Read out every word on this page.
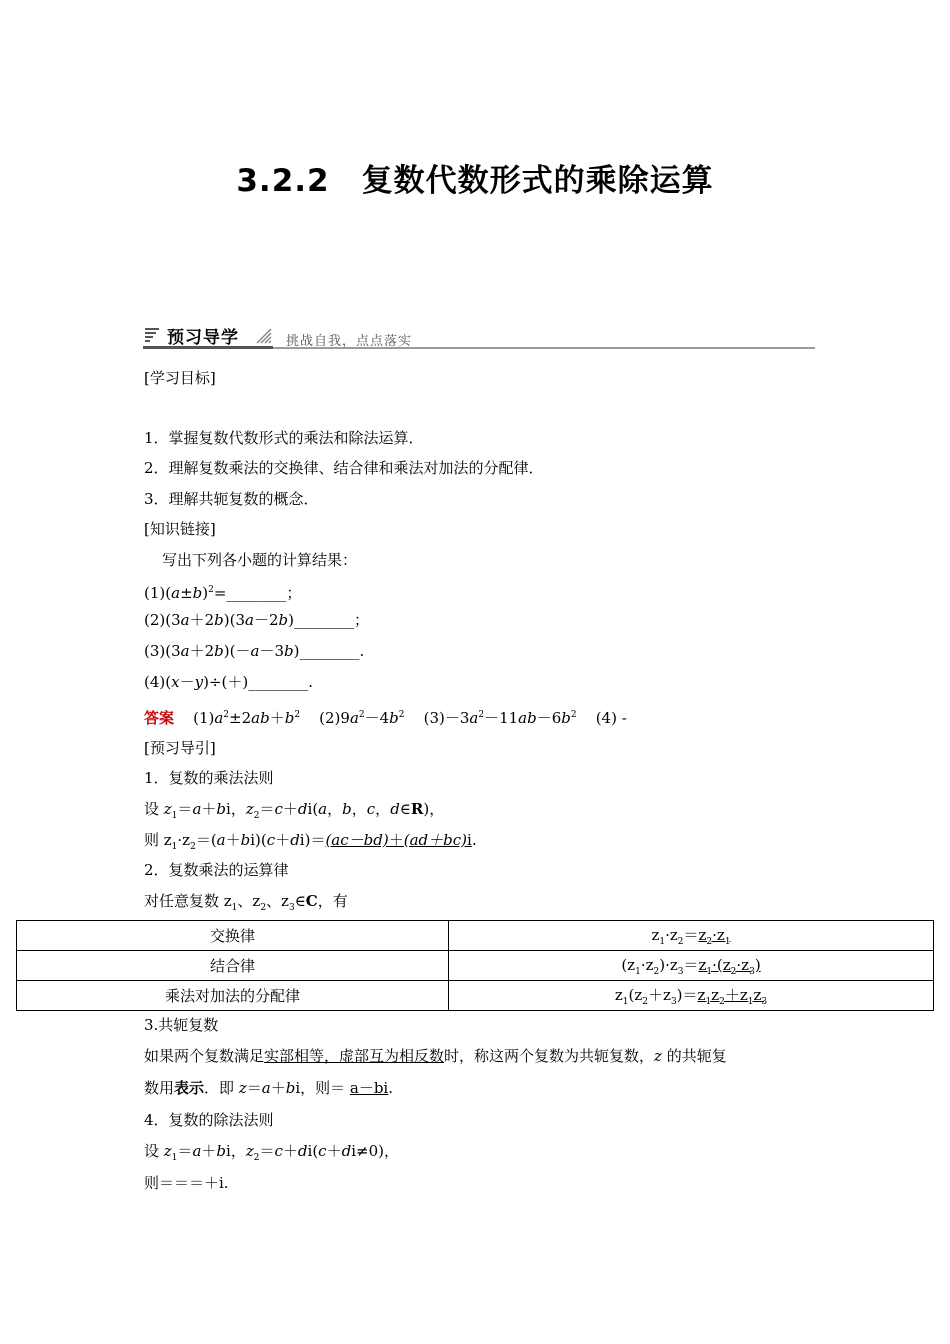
3.2.2　复数代数形式的乘除运算
预习导学	挑战自我，点点落实
[学习目标]
1．掌握复数代数形式的乘法和除法运算．
2．理解复数乘法的交换律、结合律和乘法对加法的分配律．
3．理解共轭复数的概念．
[知识链接]
写出下列各小题的计算结果：
$(1)(a\pm b)^2=\_\_\_\_\_\_\_\_$；
(2)(3a＋2b)(3a－2b)________；
(3)(3a＋2b)(－a－3b)________.
(4)(x－y)÷(＋)________.
答案 $(1)a^2\pm 2ab+b^2$ $(2)9a^2-4b^2$ $(3)-3a^2-11ab-6b^2$ (4) -
[预习导引]
1．复数的乘法法则
设 $z_1=a+bi$，$z_2=c+di(a$，b，c，d∈R)，
则 $z_1\cdot z_2=(a+bi)(c+di)=(ac-bd)+(ad+bc)i$.
2．复数乘法的运算律
对任意复数 $z_1$、$z_2$、$z_3\in C$，有
交换律	$z_1\cdot z_2=z_2\cdot z_1$
结合律	$(z_1\cdot z_2)\cdot z_3=z_1\cdot(z_2\cdot z_3)$
乘法对加法的分配律	$z_1(z_2+z_3)=z_1z_2+z_1z_3$
3.共轭复数
如果两个复数满足实部相等，虚部互为相反数时，称这两个复数为共轭复数，z 的共轭复
数用表示．即 z＝a＋bi，则＝ a－bi.
4．复数的除法法则
设 $z_1=a+bi$，$z_2=c+di(c+di\ne 0)$，
则＝＝＝＋i.
